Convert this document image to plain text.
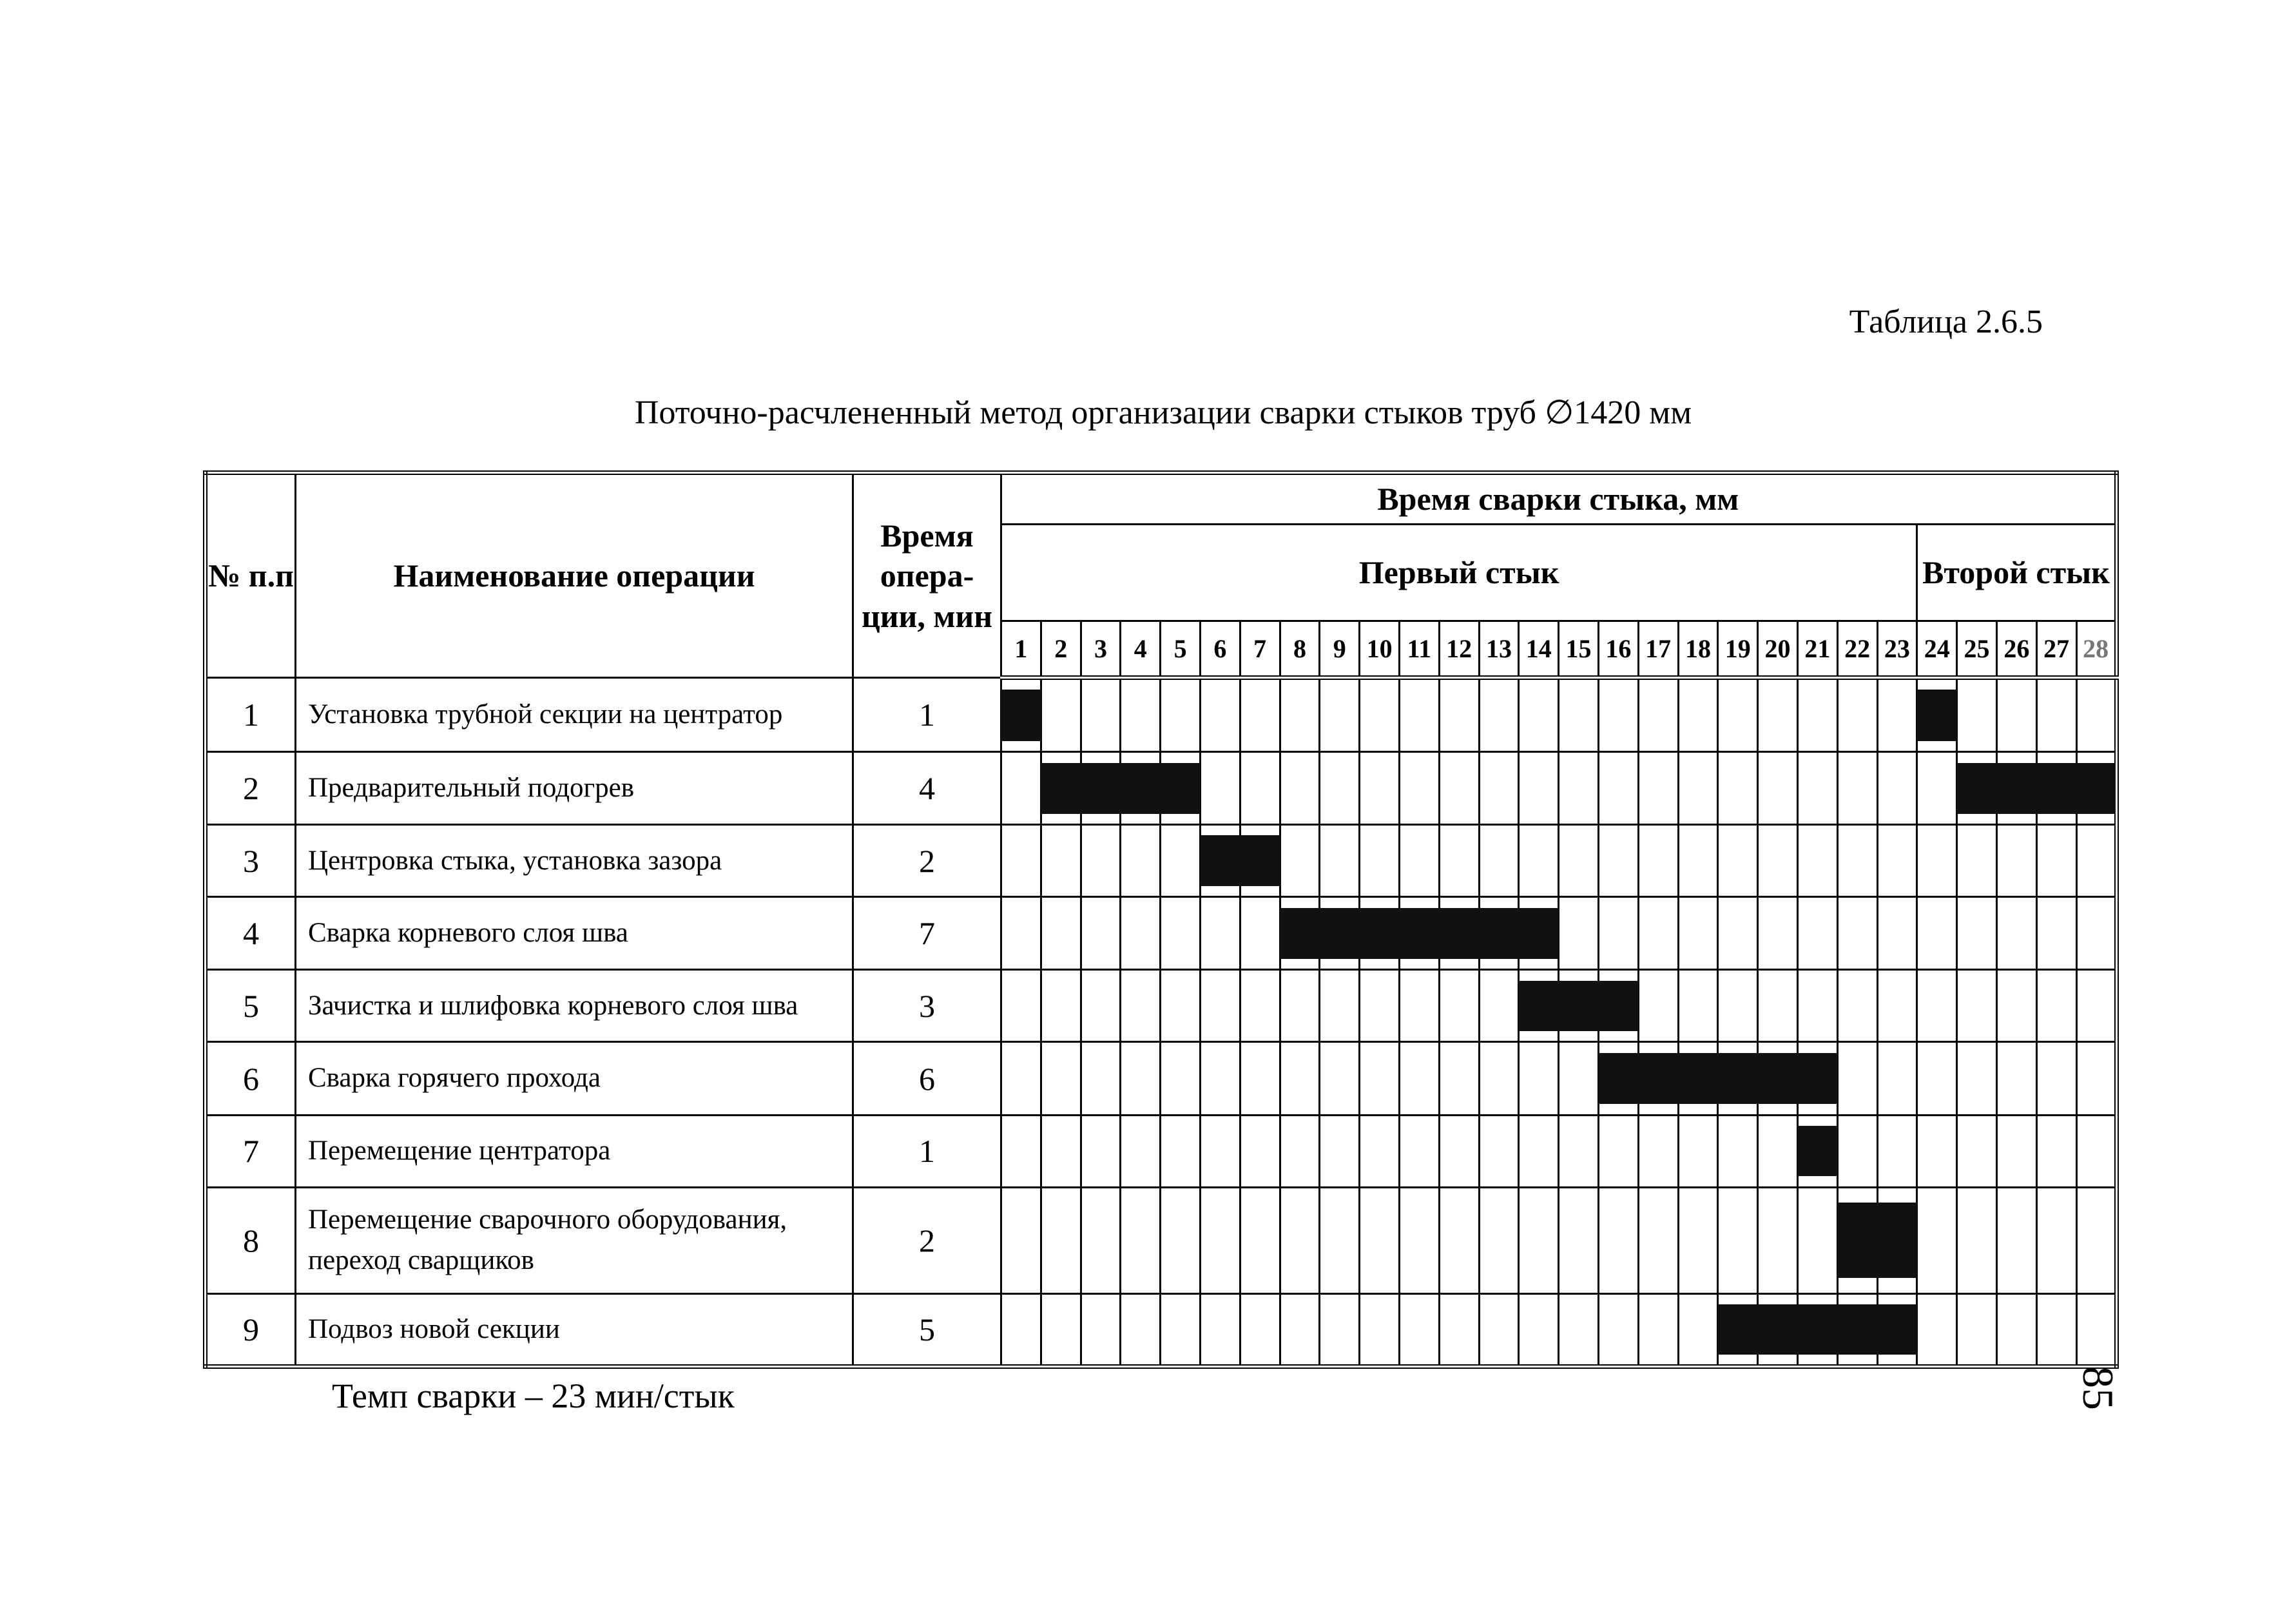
Таблица 2.6.5
Поточно-расчлененный метод организации сварки стыков труб ∅1420 мм
№ п.п	Наименование операции	Время опера-ции, мин	Время сварки стыка, мм																											
			Первый стык																							Второй стык				
			1	2	3	4	5	6	7	8	9	10	11	12	13	14	15	16	17	18	19	20	21	22	23	24	25	26	27	28
1	Установка трубной секции на центратор	1																												
2	Предварительный подогрев	4																												
3	Центровка стыка, установка зазора	2																												
4	Сварка корневого слоя шва	7																												
5	Зачистка и шлифовка корневого слоя шва	3																												
6	Сварка горячего прохода	6																												
7	Перемещение центратора	1																												
8	Перемещение сварочного оборудования, переход сварщиков	2																												
9	Подвоз новой секции	5																												
Темп сварки – 23 мин/стык	85
